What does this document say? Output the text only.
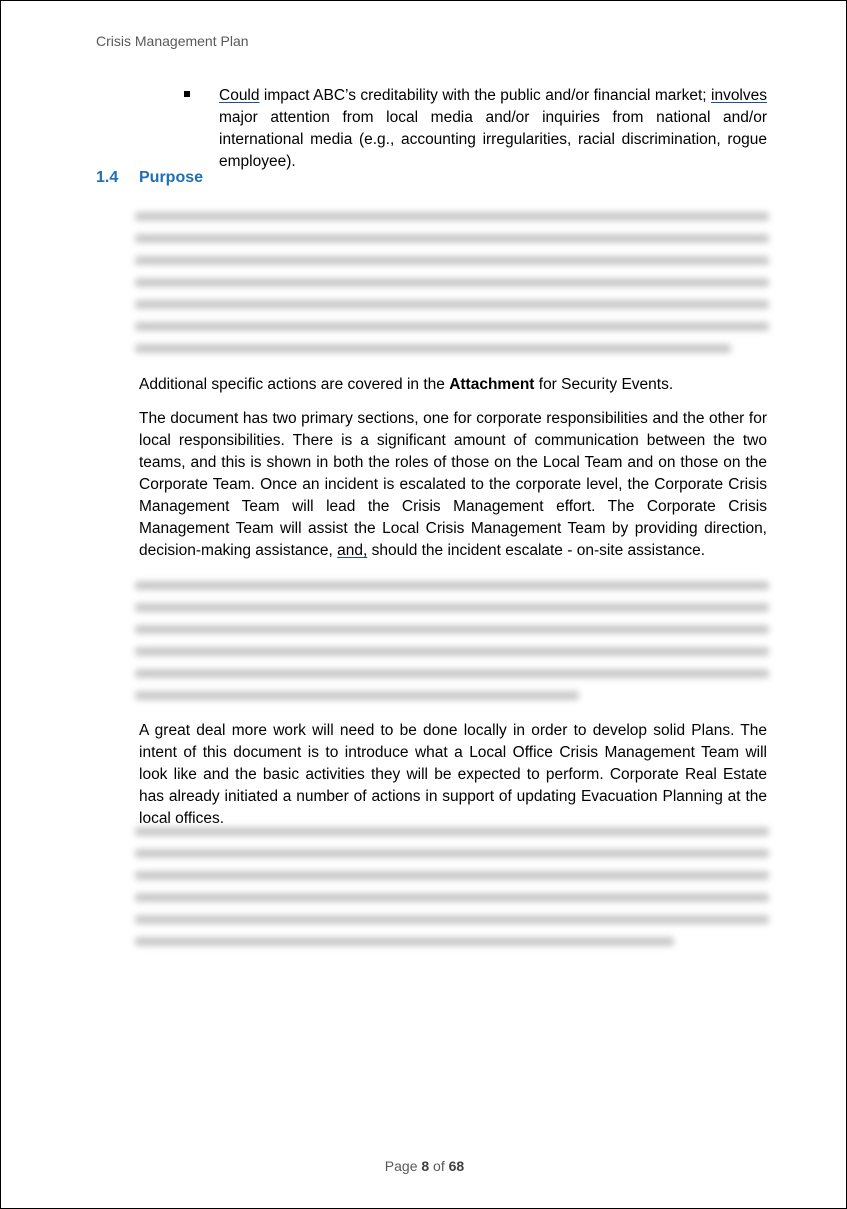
Crisis Management Plan
Could impact ABC’s creditability with the public and/or financial market; involves major attention from local media and/or inquiries from national and/or international media (e.g., accounting irregularities, racial discrimination, rogue employee).
1.4 Purpose
Additional specific actions are covered in the Attachment for Security Events.
The document has two primary sections, one for corporate responsibilities and the other for local responsibilities. There is a significant amount of communication between the two teams, and this is shown in both the roles of those on the Local Team and on those on the Corporate Team. Once an incident is escalated to the corporate level, the Corporate Crisis Management Team will lead the Crisis Management effort. The Corporate Crisis Management Team will assist the Local Crisis Management Team by providing direction, decision-making assistance, and, should the incident escalate - on-site assistance.
A great deal more work will need to be done locally in order to develop solid Plans. The intent of this document is to introduce what a Local Office Crisis Management Team will look like and the basic activities they will be expected to perform. Corporate Real Estate has already initiated a number of actions in support of updating Evacuation Planning at the local offices.
Page 8 of 68
